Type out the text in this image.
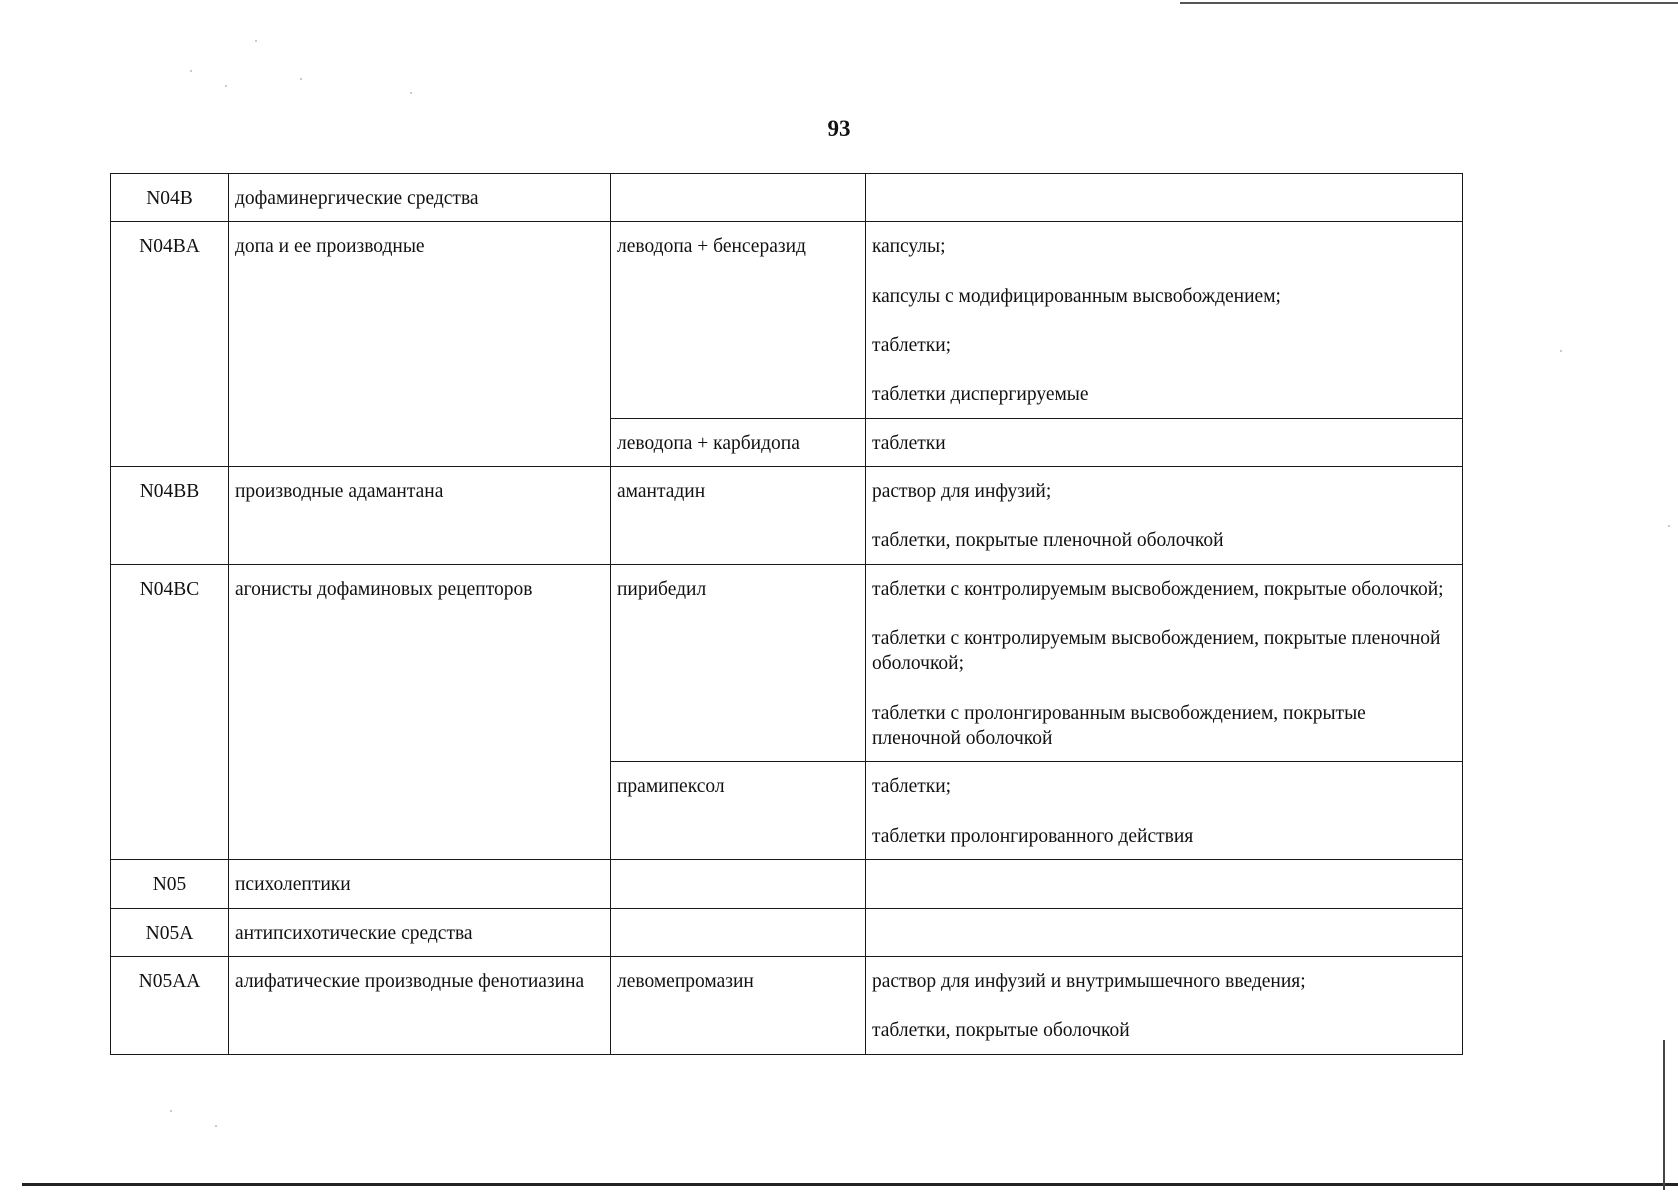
93
N04B	дофаминергические средства		
N04BA	допа и ее производные	леводопа + бенсеразид	капсулы;
капсулы с модифицированным высвобождением;
таблетки;
таблетки диспергируемые

		леводопа + карбидопа	таблетки

N04BB	производные адамантана	амантадин	раствор для инфузий;
таблетки, покрытые пленочной оболочкой

N04BC	агонисты дофаминовых рецепторов	пирибедил	таблетки с контролируемым высвобождением, покрытые оболочкой;
таблетки с контролируемым высвобождением, покрытые пленочной оболочкой;
таблетки с пролонгированным высвобождением, покрытые пленочной оболочкой

		прамипексол	таблетки;
таблетки пролонгированного действия

N05	психолептики		
N05A	антипсихотические средства		
N05AA	алифатические производные фенотиазина	левомепромазин	раствор для инфузий и внутримышечного введения;
таблетки, покрытые оболочкой
